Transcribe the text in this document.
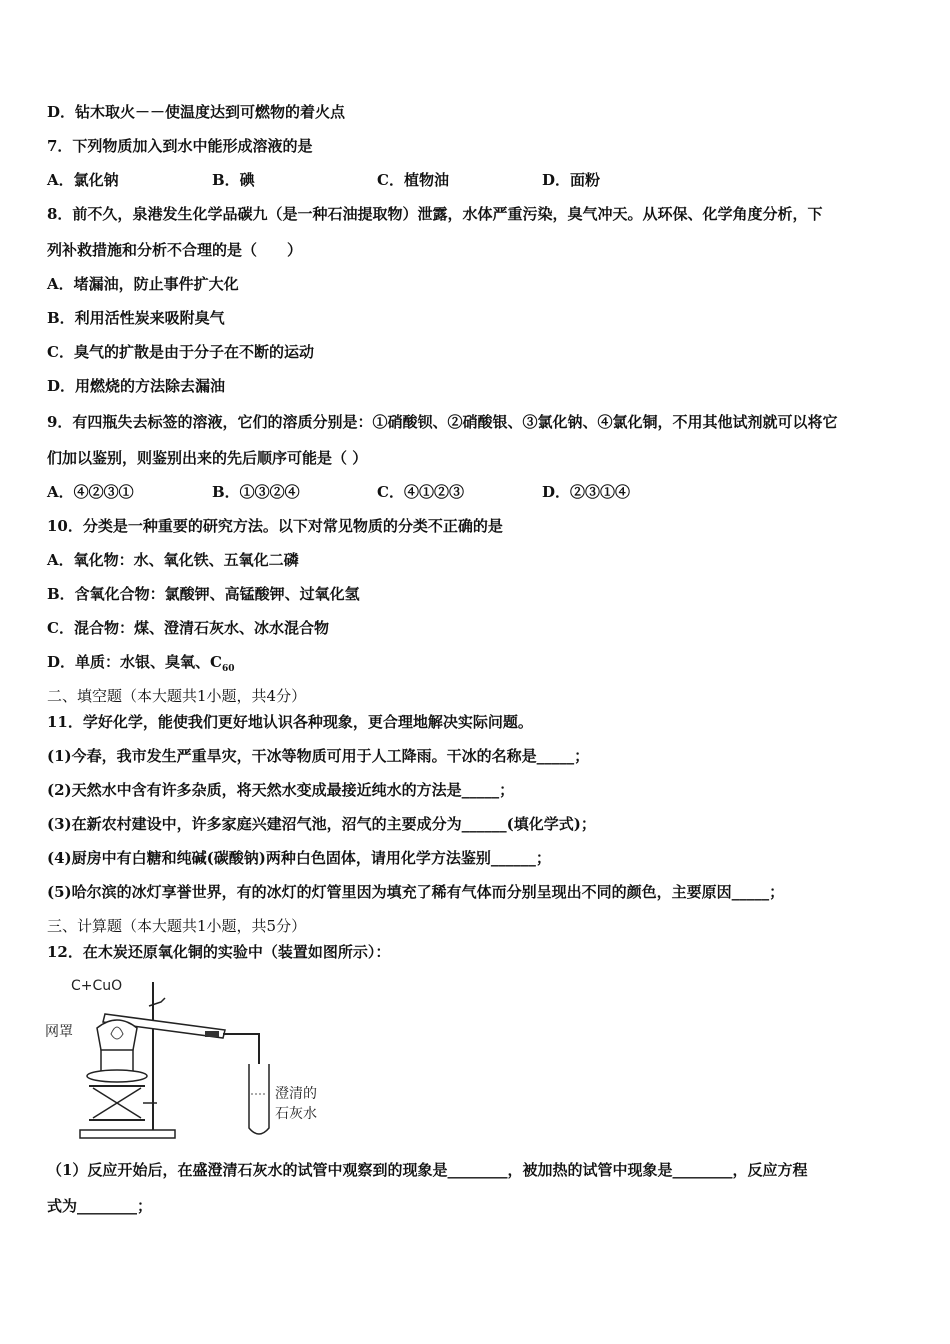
D．钻木取火－－使温度达到可燃物的着火点
7．下列物质加入到水中能形成溶液的是
A．氯化钠	B．碘	C．植物油	D．面粉
8．前不久，泉港发生化学品碳九（是一种石油提取物）泄露，水体严重污染，臭气冲天。从环保、化学角度分析，下
列补救措施和分析不合理的是（　　）
A．堵漏油，防止事件扩大化
B．利用活性炭来吸附臭气
C．臭气的扩散是由于分子在不断的运动
D．用燃烧的方法除去漏油
9．有四瓶失去标签的溶液，它们的溶质分别是：①硝酸钡、②硝酸银、③氯化钠、④氯化铜，不用其他试剂就可以将它
们加以鉴别，则鉴别出来的先后顺序可能是（ ）
A．④②③①	B．①③②④	C．④①②③	D．②③①④
10．分类是一种重要的研究方法。以下对常见物质的分类不正确的是
A．氧化物：水、氧化铁、五氧化二磷
B．含氧化合物：氯酸钾、高锰酸钾、过氧化氢
C．混合物：煤、澄清石灰水、冰水混合物
D．单质：水银、臭氧、$C_{60}$
二、填空题（本大题共1小题，共4分）
11．学好化学，能使我们更好地认识各种现象，更合理地解决实际问题。
(1)今春，我市发生严重旱灾，干冰等物质可用于人工降雨。干冰的名称是_____；
(2)天然水中含有许多杂质，将天然水变成最接近纯水的方法是_____；
(3)在新农村建设中，许多家庭兴建沼气池，沼气的主要成分为______(填化学式)；
(4)厨房中有白糖和纯碱(碳酸钠)两种白色固体，请用化学方法鉴别______；
(5)哈尔滨的冰灯享誉世界，有的冰灯的灯管里因为填充了稀有气体而分别呈现出不同的颜色，主要原因_____；
三、计算题（本大题共1小题，共5分）
12．在木炭还原氧化铜的实验中（装置如图所示）：
C+CuO
网罩
澄清的
石灰水
（1）反应开始后，在盛澄清石灰水的试管中观察到的现象是________，被加热的试管中现象是________，反应方程
式为________；
